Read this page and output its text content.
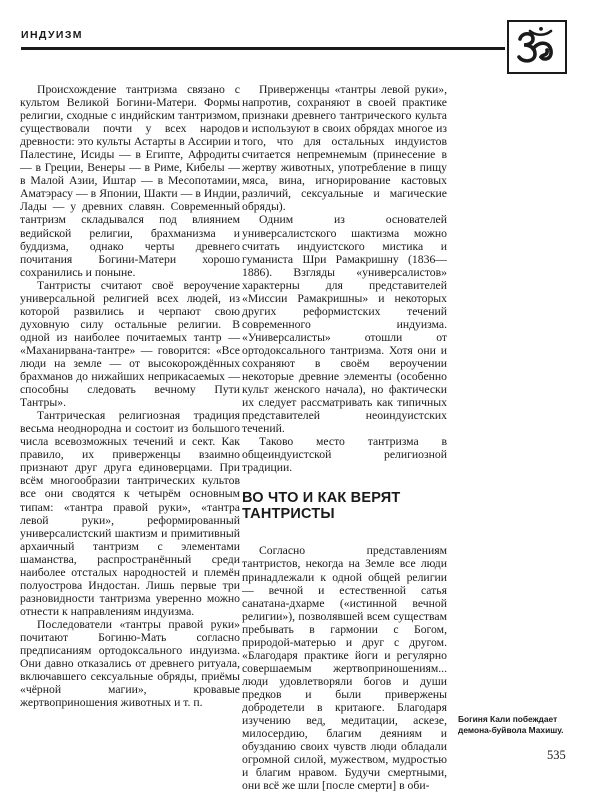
ИНДУИЗМ

Происхождение тантризма связано с культом Великой Богини-Матери. Формы религии, сходные с индийским тантризмом, существовали почти у всех народов древности: это культы Астарты в Ассирии и Палестине, Исиды — в Египте, Афродиты — в Греции, Венеры — в Риме, Кибелы — в Малой Азии, Иштар — в Месопотамии, Аматэрасу — в Японии, Шакти — в Индии, Лады — у древних славян. Современный тантризм складывался под влиянием ведийской религии, брахманизма и буддизма, однако черты древнего почитания Богини-Матери хорошо сохранились и поныне.

Тантристы считают своё вероучение универсальной религией всех людей, из которой развились и черпают свою духовную силу остальные религии. В одной из наиболее почитаемых тантр — «Маханирвана-тантре» — говорится: «Все люди на земле — от высокорождённых брахманов до нижайших неприкасаемых — способны следовать вечному Пути Тантры».

Тантрическая религиозная традиция весьма неоднородна и состоит из большого числа всевозможных течений и сект. Как правило, их приверженцы взаимно признают друг друга единоверцами. При всём многообразии тантрических культов все они сводятся к четырём основным типам: «тантра правой руки», «тантра левой руки», реформированный универсалистский шактизм и примитивный архаичный тантризм с элементами шаманства, распространённый среди наиболее отсталых народностей и племён полуострова Индостан. Лишь первые три разновидности тантризма уверенно можно отнести к направлениям индуизма.

Последователи «тантры правой руки» почитают Богиню-Мать согласно предписаниям ортодоксального индуизма. Они давно отказались от древнего ритуала, включавшего сексуальные обряды, приёмы «чёрной магии», кровавые жертвоприношения животных и т. п.

Приверженцы «тантры левой руки», напротив, сохраняют в своей практике признаки древнего тантрического культа и используют в своих обрядах многое из того, что для остальных индуистов считается непремнемым (принесение в жертву животных, употребление в пищу мяса, вина, игнорирование кастовых различий, сексуальные и магические обряды).

Одним из основателей универсалистского шактизма можно считать индуистского мистика и гуманиста Шри Рамакришну (1836—1886). Взгляды «универсалистов» характерны для представителей «Миссии Рамакришны» и некоторых других реформистских течений современного индуизма. «Универсалисты» отошли от ортодоксального тантризма. Хотя они и сохраняют в своём вероучении некоторые древние элементы (особенно культ женского начала), но фактически их следует рассматривать как типичных представителей неоиндуистских течений.

Таково место тантризма в общеиндуистской религиозной традиции.

ВО ЧТО И КАК ВЕРЯТ
ТАНТРИСТЫ

Согласно представлениям тантристов, некогда на Земле все люди принадлежали к одной общей религии — вечной и естественной сатья санатана-дхарме («истинной вечной религии»), позволявшей всем существам пребывать в гармонии с Богом, природой-матерью и друг с другом. «Благодаря практике йоги и регулярно совершаемым жертвоприношениям... люди удовлетворяли богов и души предков и были привержены добродетели в критаюге. Благодаря изучению вед, медитации, аскезе, милосердию, благим деяниям и обузданию своих чувств люди обладали огромной силой, мужеством, мудростью и благим нравом. Будучи смертными, они всё же шли [после смерти] в оби-

Богиня Кали побеждает демона-буйвола Махишу.
535
